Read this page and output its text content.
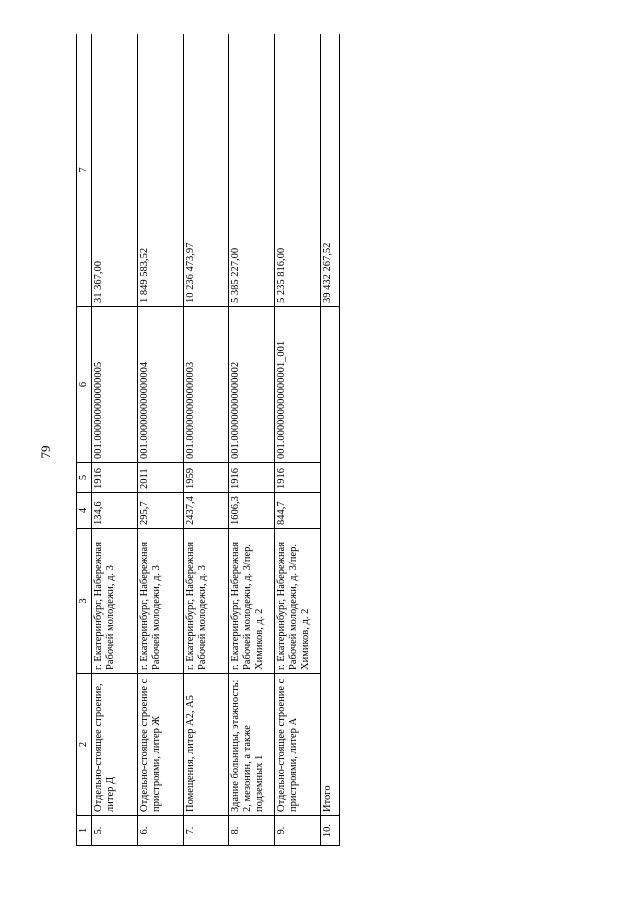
79
1	2	3	4	5	6	7
5.	Отдельно-стоящее строение, литер Д	г. Екатеринбург, Набережная Рабочей молодежи, д. 3	134,6	1916	001.000000000000005	31 367,00
6.	Отдельно-стоящее строение с пристроями, литер Ж	г. Екатеринбург, Набережная Рабочей молодежи, д. 3	295,7	2011	001.000000000000004	1 849 583,52
7.	Помещения, литер А2, А5	г. Екатеринбург, Набережная Рабочей молодежи, д. 3	2437,4	1959	001.000000000000003	10 236 473,97
8.	Здание больницы, этажность: 2, мезонин, а также подземных 1	г. Екатеринбург, Набережная Рабочей молодежи, д. 3/пер. Химиков, д. 2	1606,3	1916	001.000000000000002	5 385 227,00
9.	Отдельно-стоящее строение с пристроями, литер А	г. Екатеринбург, Набережная Рабочей молодежи, д. 3/пер. Химиков, д. 2	844,7	1916	001.000000000000001_001	5 235 816,00
10.	Итого					39 432 267,52
